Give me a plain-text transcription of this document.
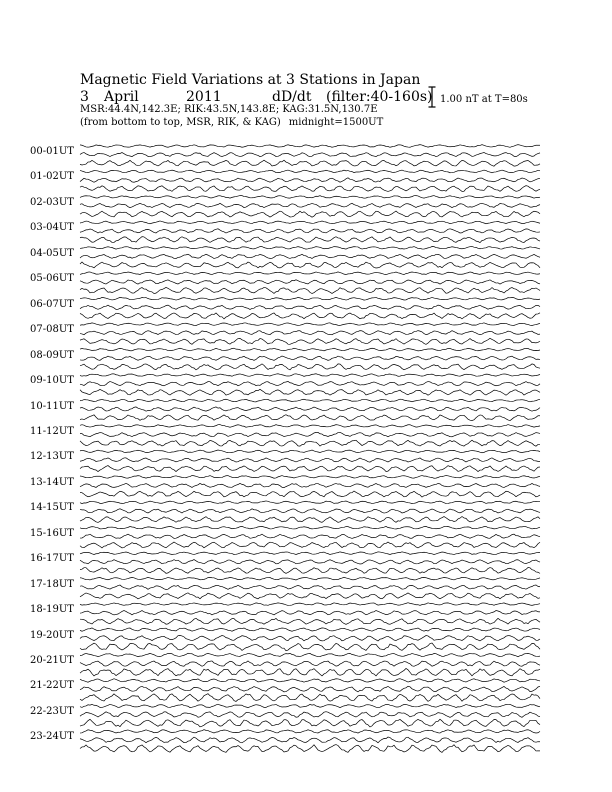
Magnetic Field Variations at 3 Stations in Japan
3 April	2011	dD/dt (filter:40-160s)
MSR:44.4N,142.3E; RIK:43.5N,143.8E; KAG:31.5N,130.7E
(from bottom to top, MSR, RIK, & KAG) midnight=1500UT
1.00 nT at T=80s
00-01UT
01-02UT
02-03UT
03-04UT
04-05UT
05-06UT
06-07UT
07-08UT
08-09UT
09-10UT
10-11UT
11-12UT
12-13UT
13-14UT
14-15UT
15-16UT
16-17UT
17-18UT
18-19UT
19-20UT
20-21UT
21-22UT
22-23UT
23-24UT
